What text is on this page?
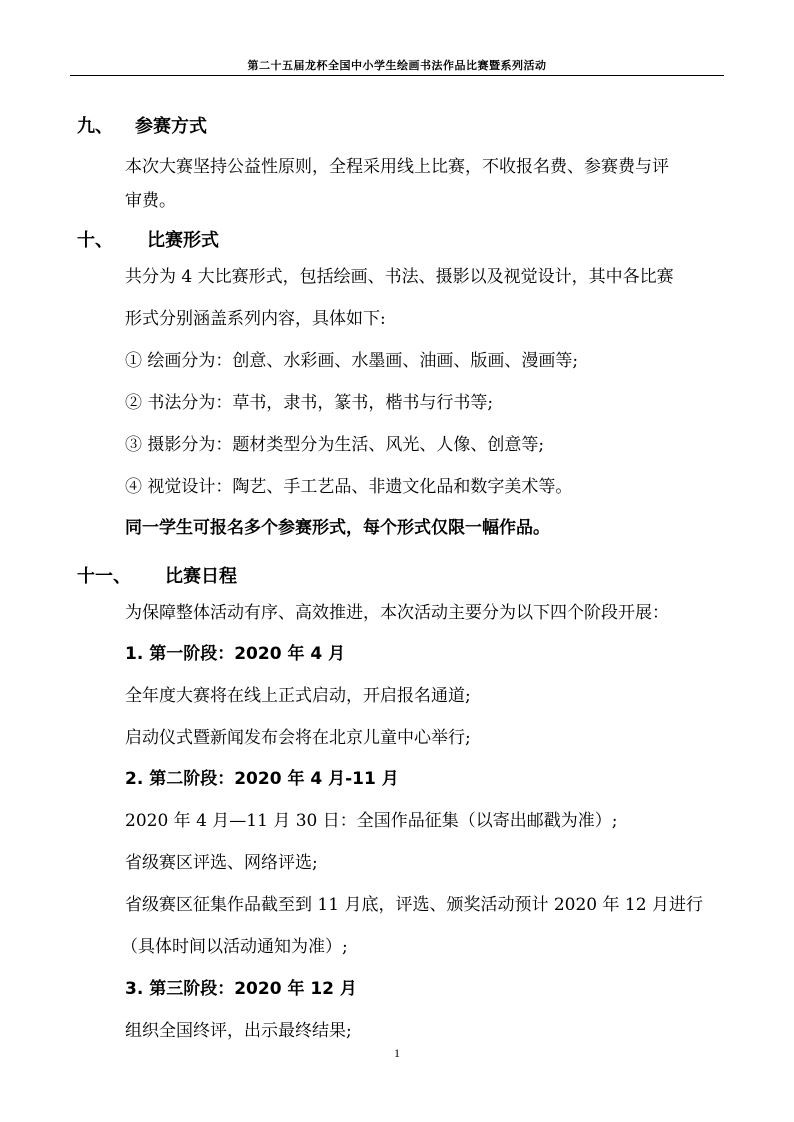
第二十五届龙杯全国中小学生绘画书法作品比赛暨系列活动
九、 参赛方式
本次大赛坚持公益性原则，全程采用线上比赛，不收报名费、参赛费与评
审费。
十、 比赛形式
共分为 4 大比赛形式，包括绘画、书法、摄影以及视觉设计，其中各比赛
形式分别涵盖系列内容，具体如下:
① 绘画分为：创意、水彩画、水墨画、油画、版画、漫画等;
② 书法分为：草书，隶书，篆书，楷书与行书等;
③ 摄影分为：题材类型分为生活、风光、人像、创意等;
④ 视觉设计：陶艺、手工艺品、非遗文化品和数字美术等。
同一学生可报名多个参赛形式，每个形式仅限一幅作品。
十一、 比赛日程
为保障整体活动有序、高效推进，本次活动主要分为以下四个阶段开展：
1. 第一阶段：2020 年 4 月
全年度大赛将在线上正式启动，开启报名通道;
启动仪式暨新闻发布会将在北京儿童中心举行;
2. 第二阶段：2020 年 4 月-11 月
2020 年 4 月—11 月 30 日：全国作品征集（以寄出邮戳为准）;
省级赛区评选、网络评选;
省级赛区征集作品截至到 11 月底，评选、颁奖活动预计 2020 年 12 月进行
（具体时间以活动通知为准）;
3. 第三阶段：2020 年 12 月
组织全国终评，出示最终结果;
1
